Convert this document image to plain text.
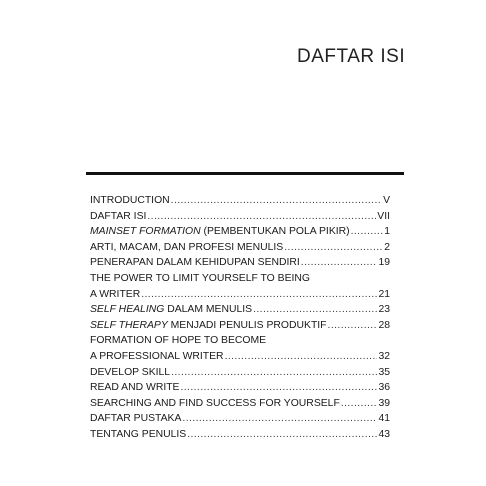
DAFTAR ISI
INTRODUCTION .....	V
DAFTAR ISI .....	VII
MAINSET FORMATION (PEMBENTUKAN POLA PIKIR) .....	1
ARTI, MACAM, DAN PROFESI MENULIS .....	2
PENERAPAN DALAM KEHIDUPAN SENDIRI .....	19
THE POWER TO LIMIT YOURSELF TO BEING
A WRITER .....	21
SELF HEALING DALAM MENULIS .....	23
SELF THERAPY MENJADI PENULIS PRODUKTIF .....	28
FORMATION OF HOPE TO BECOME
A PROFESSIONAL WRITER .....	32
DEVELOP SKILL .....	35
READ AND WRITE .....	36
SEARCHING AND FIND SUCCESS FOR YOURSELF .....	39
DAFTAR PUSTAKA .....	41
TENTANG PENULIS .....	43
